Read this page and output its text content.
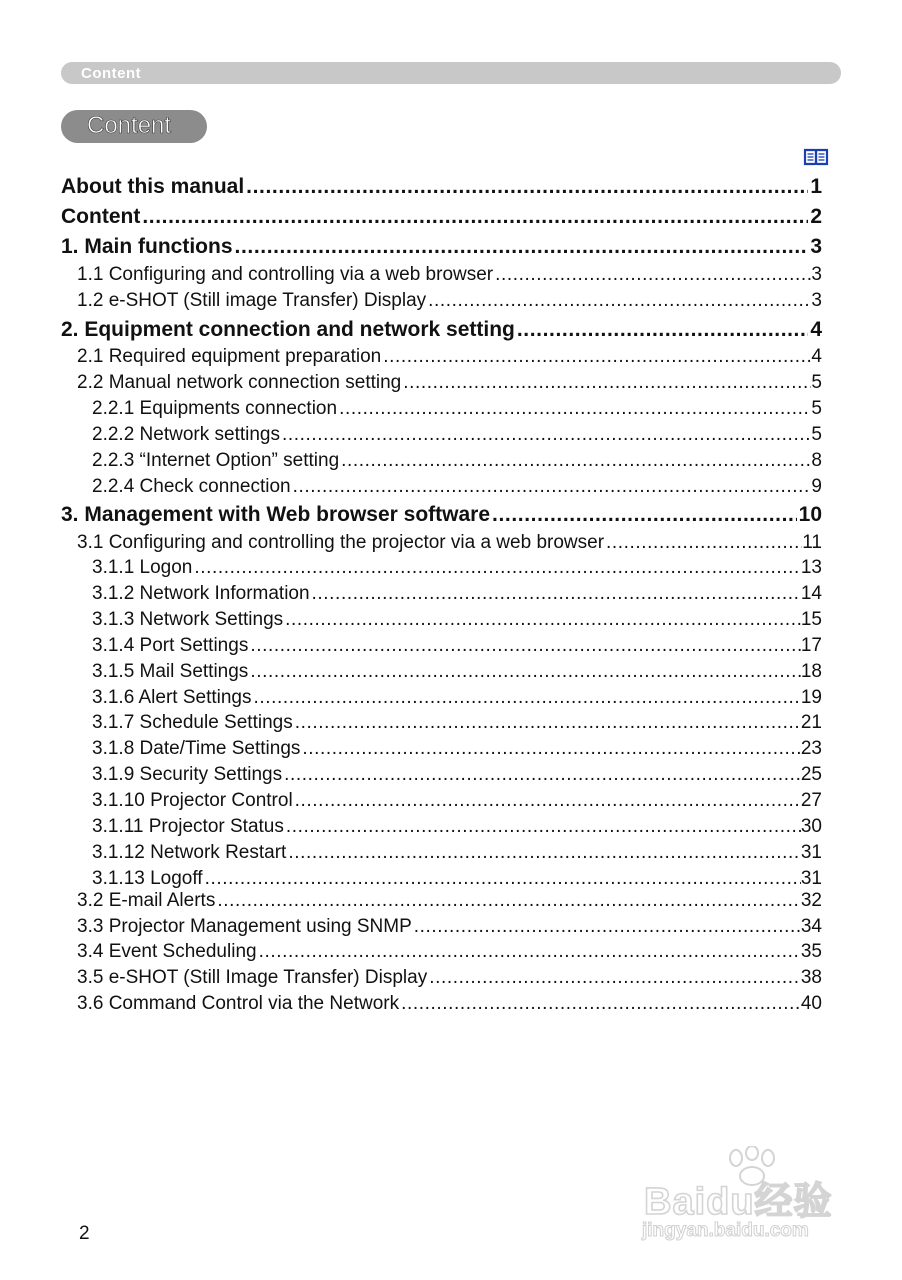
Content
Content
About this manual .....	1
Content .....	2
1. Main functions .....	3
1.1 Configuring and controlling via a web browser .....	3
1.2 e-SHOT (Still image Transfer) Display .....	3
2. Equipment connection and network setting .....	4
2.1 Required equipment preparation .....	4
2.2 Manual network connection setting .....	5
2.2.1 Equipments connection .....	5
2.2.2 Network settings .....	5
2.2.3 “Internet Option” setting .....	8
2.2.4 Check connection .....	9
3. Management with Web browser software .....	10
3.1 Configuring and controlling the projector via a web browser .....	11
3.1.1 Logon .....	13
3.1.2 Network Information .....	14
3.1.3 Network Settings .....	15
3.1.4 Port Settings .....	17
3.1.5 Mail Settings .....	18
3.1.6 Alert Settings .....	19
3.1.7 Schedule Settings .....	21
3.1.8 Date/Time Settings .....	23
3.1.9 Security Settings .....	25
3.1.10 Projector Control .....	27
3.1.11 Projector Status .....	30
3.1.12 Network Restart .....	31
3.1.13 Logoff .....	31
3.2 E-mail Alerts .....	32
3.3 Projector Management using SNMP .....	34
3.4 Event Scheduling .....	35
3.5 e-SHOT (Still Image Transfer) Display .....	38
3.6 Command Control via the Network .....	40
2
Baidu经验
jingyan.baidu.com
